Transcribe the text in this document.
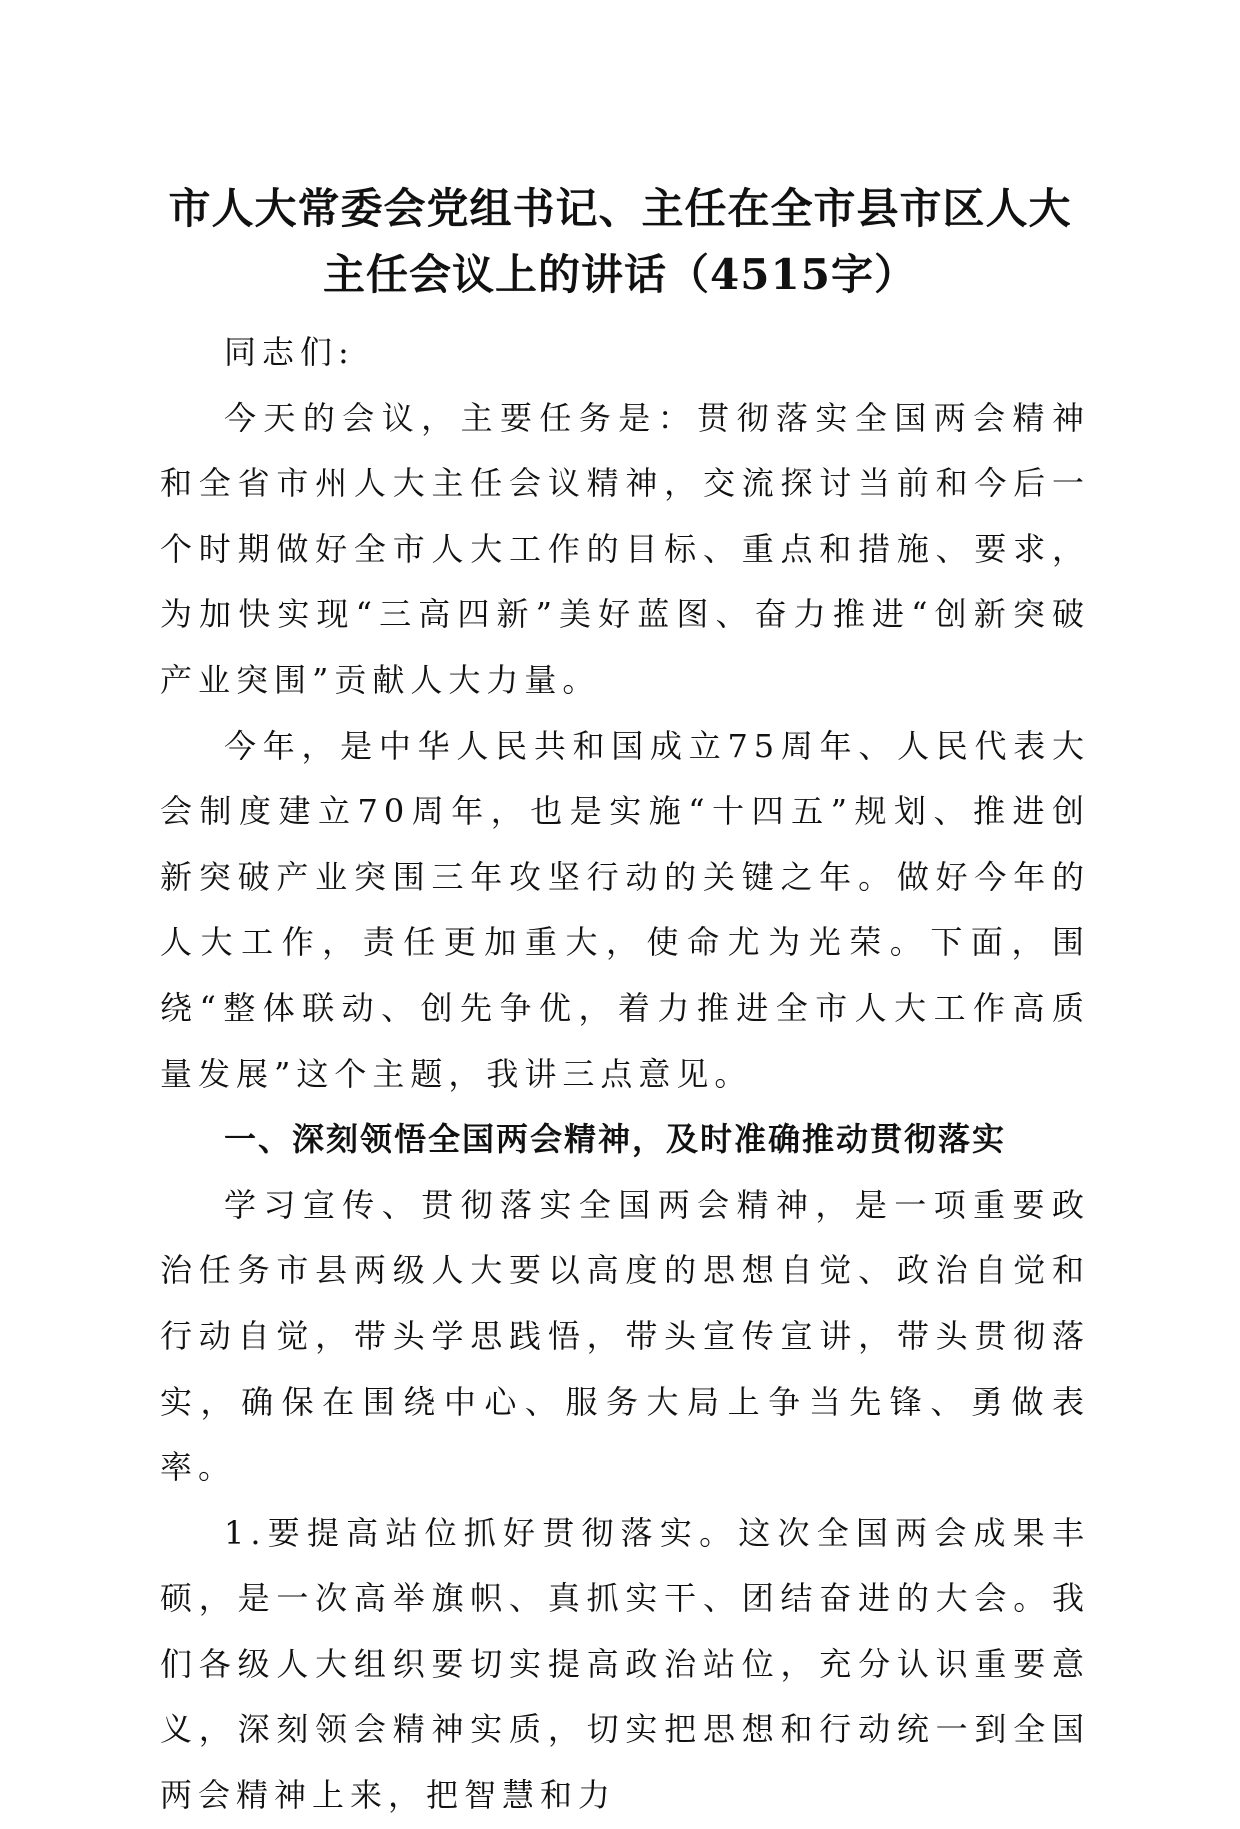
市人大常委会党组书记、主任在全市县市区人大主任会议上的讲话（4515字）

同志们:

今天的会议，主要任务是：贯彻落实全国两会精神和全省市州人大主任会议精神，交流探讨当前和今后一个时期做好全市人大工作的目标、重点和措施、要求，为加快实现“三高四新”美好蓝图、奋力推进“创新突破产业突围”贡献人大力量。

今年，是中华人民共和国成立75周年、人民代表大会制度建立70周年，也是实施“十四五”规划、推进创新突破产业突围三年攻坚行动的关键之年。做好今年的人大工作，责任更加重大，使命尤为光荣。下面，围绕“整体联动、创先争优，着力推进全市人大工作高质量发展”这个主题，我讲三点意见。

一、深刻领悟全国两会精神，及时准确推动贯彻落实

学习宣传、贯彻落实全国两会精神，是一项重要政治任务市县两级人大要以高度的思想自觉、政治自觉和行动自觉，带头学思践悟，带头宣传宣讲，带头贯彻落实，确保在围绕中心、服务大局上争当先锋、勇做表率。

1.要提高站位抓好贯彻落实。这次全国两会成果丰硕，是一次高举旗帜、真抓实干、团结奋进的大会。我们各级人大组织要切实提高政治站位，充分认识重要意义，深刻领会精神实质，切实把思想和行动统一到全国两会精神上来，把智慧和力
